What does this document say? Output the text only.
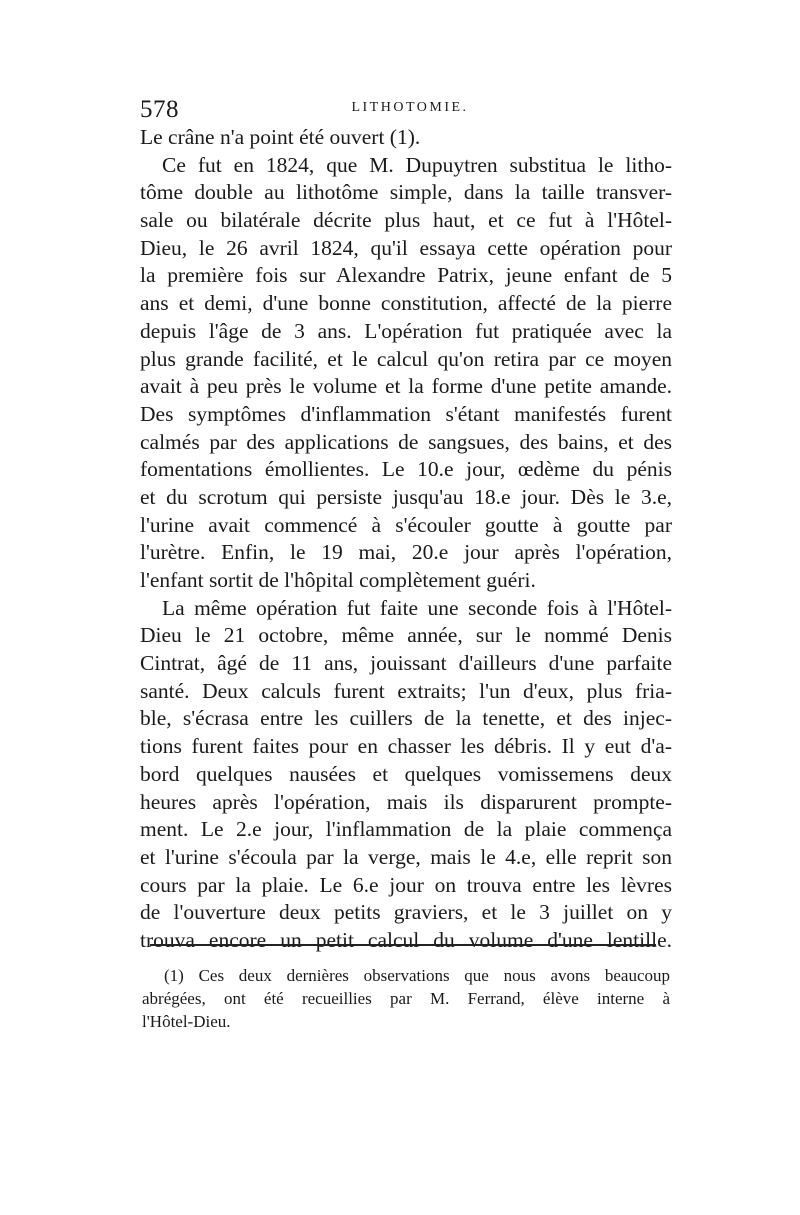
578	LITHOTOMIE.
Le crâne n'a point été ouvert (1).
Ce fut en 1824, que M. Dupuytren substitua le litho-
tôme double au lithotôme simple, dans la taille transver-
sale ou bilatérale décrite plus haut, et ce fut à l'Hôtel-
Dieu, le 26 avril 1824, qu'il essaya cette opération pour
la première fois sur Alexandre Patrix, jeune enfant de 5
ans et demi, d'une bonne constitution, affecté de la pierre
depuis l'âge de 3 ans. L'opération fut pratiquée avec la
plus grande facilité, et le calcul qu'on retira par ce moyen
avait à peu près le volume et la forme d'une petite amande.
Des symptômes d'inflammation s'étant manifestés furent
calmés par des applications de sangsues, des bains, et des
fomentations émollientes. Le 10.e jour, œdème du pénis
et du scrotum qui persiste jusqu'au 18.e jour. Dès le 3.e,
l'urine avait commencé à s'écouler goutte à goutte par
l'urètre. Enfin, le 19 mai, 20.e jour après l'opération,
l'enfant sortit de l'hôpital complètement guéri.
La même opération fut faite une seconde fois à l'Hôtel-
Dieu le 21 octobre, même année, sur le nommé Denis
Cintrat, âgé de 11 ans, jouissant d'ailleurs d'une parfaite
santé. Deux calculs furent extraits; l'un d'eux, plus fria-
ble, s'écrasa entre les cuillers de la tenette, et des injec-
tions furent faites pour en chasser les débris. Il y eut d'a-
bord quelques nausées et quelques vomissemens deux
heures après l'opération, mais ils disparurent prompte-
ment. Le 2.e jour, l'inflammation de la plaie commença
et l'urine s'écoula par la verge, mais le 4.e, elle reprit son
cours par la plaie. Le 6.e jour on trouva entre les lèvres
de l'ouverture deux petits graviers, et le 3 juillet on y
trouva encore un petit calcul du volume d'une lentille.
(1) Ces deux dernières observations que nous avons beaucoup
abrégées, ont été recueillies par M. Ferrand, élève interne à
l'Hôtel-Dieu.
